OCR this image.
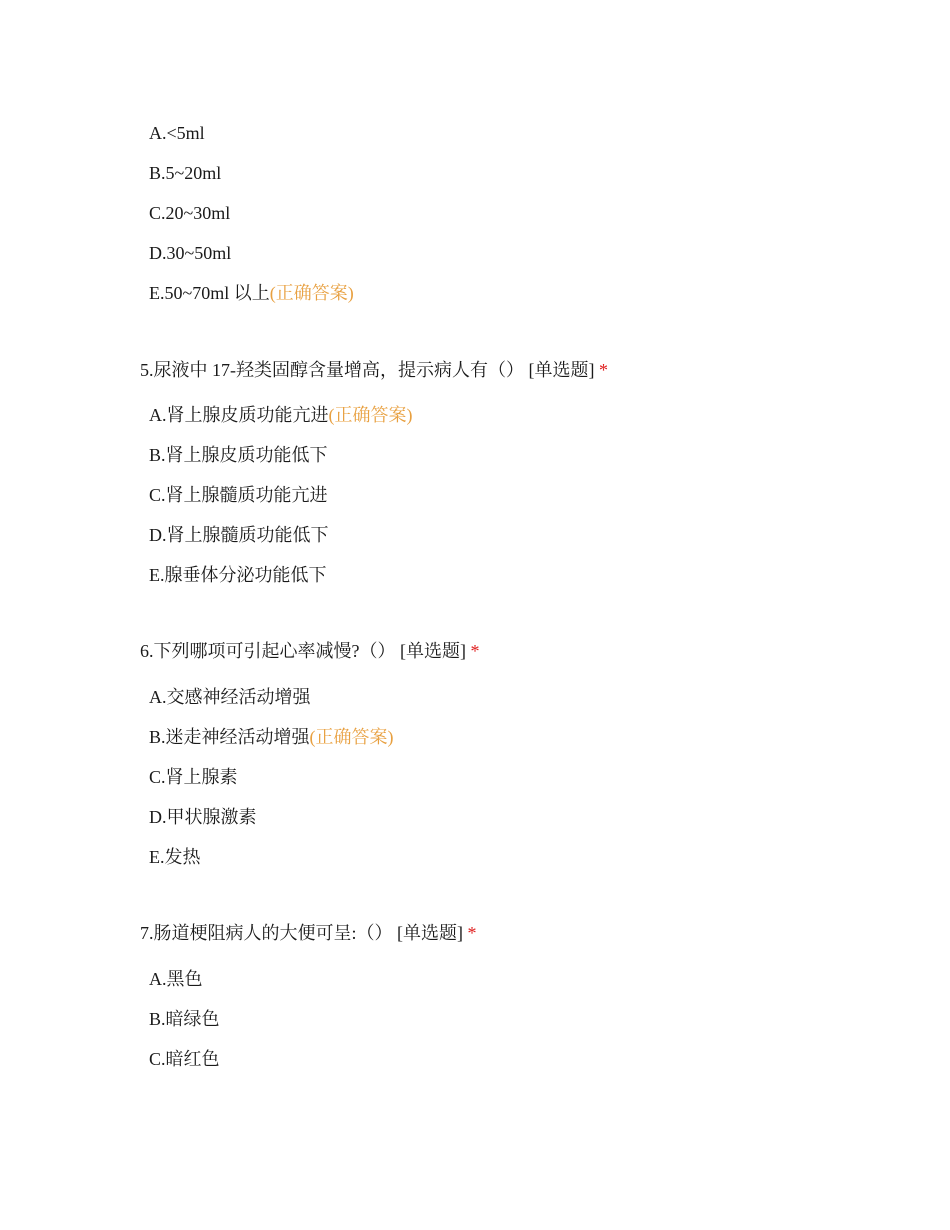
A.<5ml
B.5~20ml
C.20~30ml
D.30~50ml
E.50~70ml 以上(正确答案)
5.尿液中 17-羟类固醇含量增高，提示病人有（） [单选题] *
A.肾上腺皮质功能亢进(正确答案)
B.肾上腺皮质功能低下
C.肾上腺髓质功能亢进
D.肾上腺髓质功能低下
E.腺垂体分泌功能低下
6.下列哪项可引起心率减慢?（） [单选题] *
A.交感神经活动增强
B.迷走神经活动增强(正确答案)
C.肾上腺素
D.甲状腺激素
E.发热
7.肠道梗阻病人的大便可呈:（） [单选题] *
A.黑色
B.暗绿色
C.暗红色
